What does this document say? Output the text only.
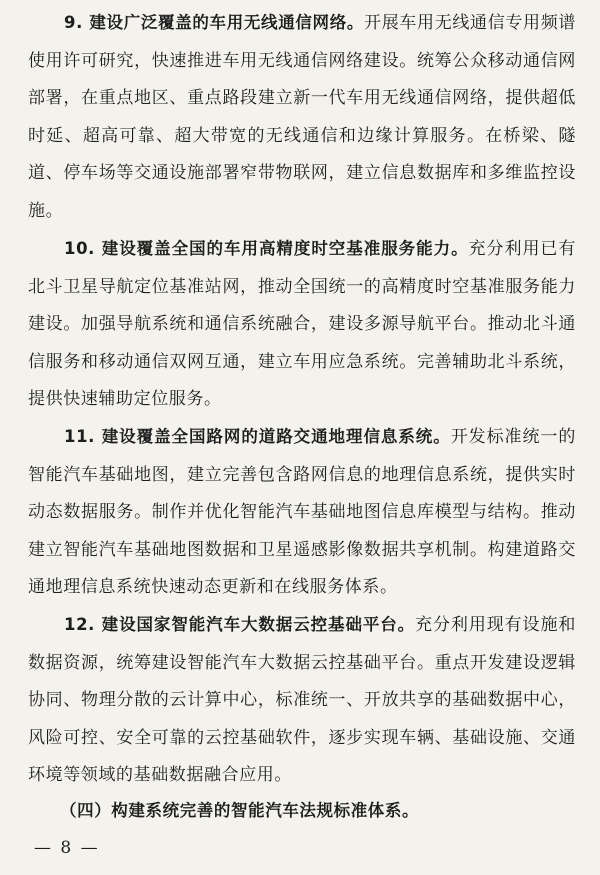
9. 建设广泛覆盖的车用无线通信网络。开展车用无线通信专用频谱使用许可研究，快速推进车用无线通信网络建设。统筹公众移动通信网部署，在重点地区、重点路段建立新一代车用无线通信网络，提供超低时延、超高可靠、超大带宽的无线通信和边缘计算服务。在桥梁、隧道、停车场等交通设施部署窄带物联网，建立信息数据库和多维监控设施。

10. 建设覆盖全国的车用高精度时空基准服务能力。充分利用已有北斗卫星导航定位基准站网，推动全国统一的高精度时空基准服务能力建设。加强导航系统和通信系统融合，建设多源导航平台。推动北斗通信服务和移动通信双网互通，建立车用应急系统。完善辅助北斗系统，提供快速辅助定位服务。

11. 建设覆盖全国路网的道路交通地理信息系统。开发标准统一的智能汽车基础地图，建立完善包含路网信息的地理信息系统，提供实时动态数据服务。制作并优化智能汽车基础地图信息库模型与结构。推动建立智能汽车基础地图数据和卫星遥感影像数据共享机制。构建道路交通地理信息系统快速动态更新和在线服务体系。

12. 建设国家智能汽车大数据云控基础平台。充分利用现有设施和数据资源，统筹建设智能汽车大数据云控基础平台。重点开发建设逻辑协同、物理分散的云计算中心，标准统一、开放共享的基础数据中心，风险可控、安全可靠的云控基础软件，逐步实现车辆、基础设施、交通环境等领域的基础数据融合应用。

（四）构建系统完善的智能汽车法规标准体系。

— 8 —
